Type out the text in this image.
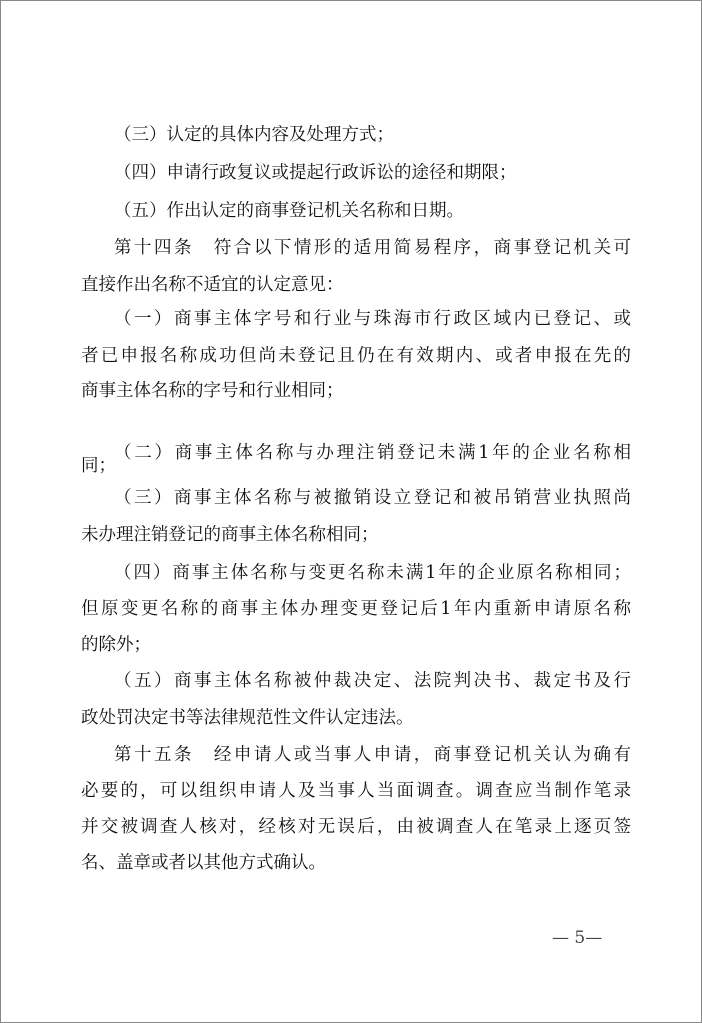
（三）认定的具体内容及处理方式；
（四）申请行政复议或提起行政诉讼的途径和期限；
（五）作出认定的商事登记机关名称和日期。
第十四条　符合以下情形的适用简易程序，商事登记机关可
直接作出名称不适宜的认定意见：
（一）商事主体字号和行业与珠海市行政区域内已登记、或
者已申报名称成功但尚未登记且仍在有效期内、或者申报在先的
商事主体名称的字号和行业相同；
（二）商事主体名称与办理注销登记未满1年的企业名称相
同；
（三）商事主体名称与被撤销设立登记和被吊销营业执照尚
未办理注销登记的商事主体名称相同；
（四）商事主体名称与变更名称未满1年的企业原名称相同；
但原变更名称的商事主体办理变更登记后1年内重新申请原名称
的除外；
（五）商事主体名称被仲裁决定、法院判决书、裁定书及行
政处罚决定书等法律规范性文件认定违法。
第十五条　经申请人或当事人申请，商事登记机关认为确有
必要的，可以组织申请人及当事人当面调查。调查应当制作笔录
并交被调查人核对，经核对无误后，由被调查人在笔录上逐页签
名、盖章或者以其他方式确认。
— 5—
